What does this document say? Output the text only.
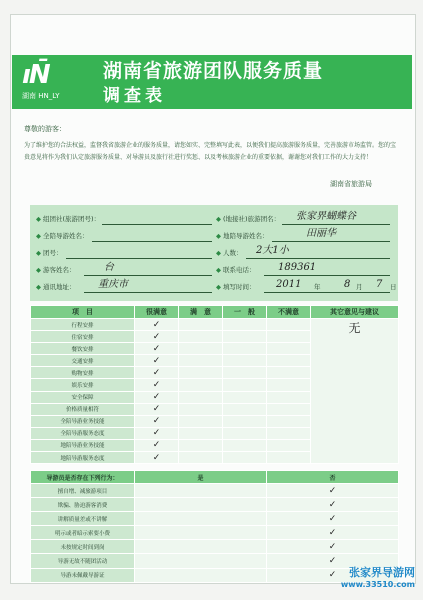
ıN̄
湖南 HN_LY
湖南省旅游团队服务质量
调查表
尊敬的游客：
为了维护您的合法权益，监督我省旅游企业的服务质量，请您如实、完整填写此表，以便我们提高旅游服务质量，完善旅游市场监管。您的宝贵意见将作为我们认定旅游服务质量、对导游员及旅行社进行奖惩、以及考核旅游企业的重要依据，谢谢您对我们工作的大力支持！
湖南省旅游局
◆ 组团社(旅游团号)：	◆ (地接社)旅游团名： 张家界蝴蝶谷
◆ 全陪导游姓名：	◆ 地陪导游姓名：	田丽华
◆ 团号：	◆ 人数： 2大1小
◆ 游客姓名：	台	◆ 联系电话： 189361
◆ 通讯地址： 重庆市	◆ 填写时间： 2011 年 8 月 7 日
项　目	很满意	满　意	一　般	不满意	其它意见与建议
行程安排	✓				无
住宿安排	✓				
餐饮安排	✓				
交通安排	✓				
购物安排	✓				
娱乐安排	✓				
安全保障	✓				
价格质量相符	✓				
全陪导游业务技能	✓				
全陪导游服务态度	✓				
地陪导游业务技能	✓				
地陪导游服务态度	✓				
导游员是否存在下列行为：	是	否
擅自增、减旅游项目		✓
欺骗、胁迫游客消费		✓
讲解质量差或不讲解		✓
明示或者暗示索要小费		✓
未按规定时间到岗		✓
导游无故不随团活动		✓
导游未佩戴导游证		✓	张家界导游网
www.33510.com
